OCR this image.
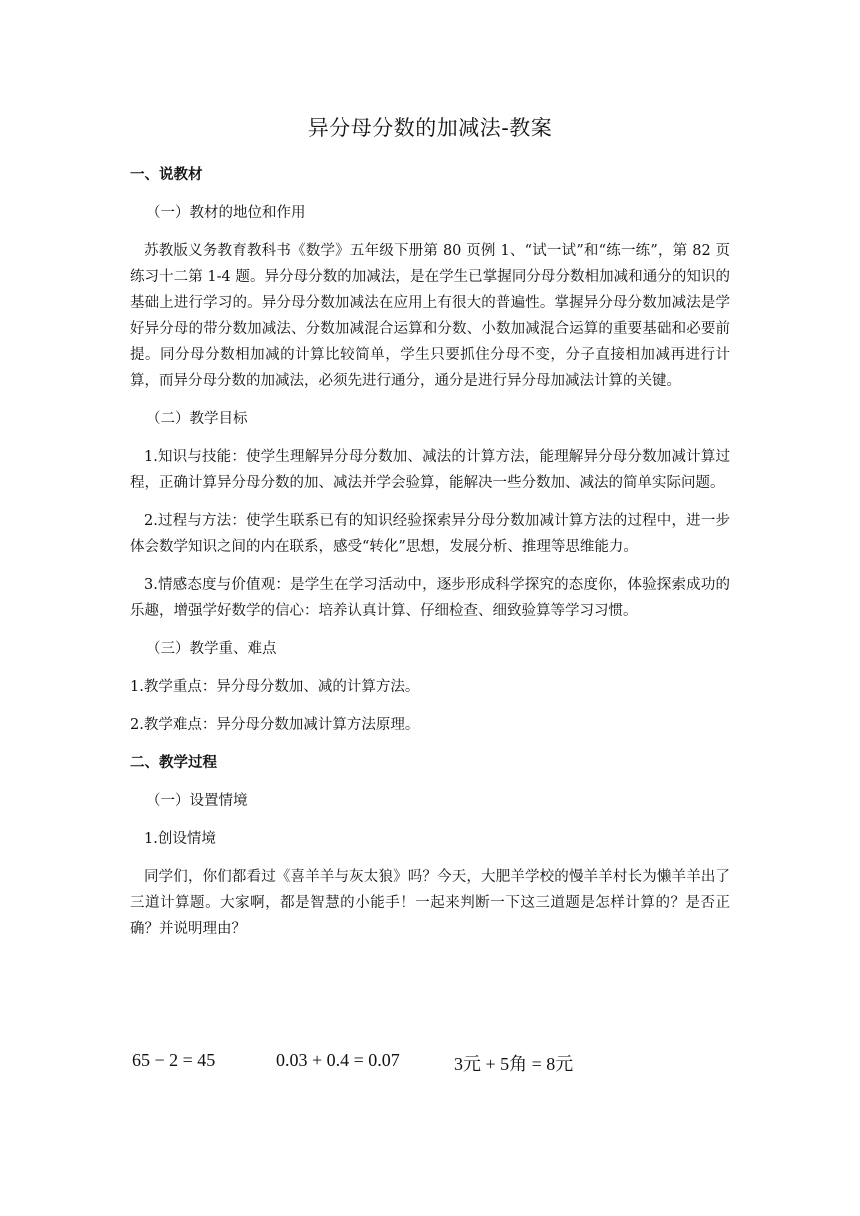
异分母分数的加减法-教案
一、说教材
（一）教材的地位和作用
苏教版义务教育教科书《数学》五年级下册第 80 页例 1、“试一试”和“练一练”，第 82 页练习十二第 1-4 题。异分母分数的加减法，是在学生已掌握同分母分数相加减和通分的知识的基础上进行学习的。异分母分数加减法在应用上有很大的普遍性。掌握异分母分数加减法是学好异分母的带分数加减法、分数加减混合运算和分数、小数加减混合运算的重要基础和必要前提。同分母分数相加减的计算比较简单，学生只要抓住分母不变，分子直接相加减再进行计算，而异分母分数的加减法，必须先进行通分，通分是进行异分母加减法计算的关键。
（二）教学目标
1.知识与技能：使学生理解异分母分数加、减法的计算方法，能理解异分母分数加减计算过程，正确计算异分母分数的加、减法并学会验算，能解决一些分数加、减法的简单实际问题。
2.过程与方法：使学生联系已有的知识经验探索异分母分数加减计算方法的过程中，进一步体会数学知识之间的内在联系，感受“转化”思想，发展分析、推理等思维能力。
3.情感态度与价值观：是学生在学习活动中，逐步形成科学探究的态度你，体验探索成功的乐趣，增强学好数学的信心：培养认真计算、仔细检查、细致验算等学习习惯。
（三）教学重、难点
1.教学重点：异分母分数加、减的计算方法。
2.教学难点：异分母分数加减计算方法原理。
二、教学过程
（一）设置情境
1.创设情境
同学们，你们都看过《喜羊羊与灰太狼》吗？今天，大肥羊学校的慢羊羊村长为懒羊羊出了三道计算题。大家啊，都是智慧的小能手！一起来判断一下这三道题是怎样计算的？是否正确？并说明理由？
65 − 2 = 45	0.03 + 0.4 = 0.07	3元 + 5角 = 8元
